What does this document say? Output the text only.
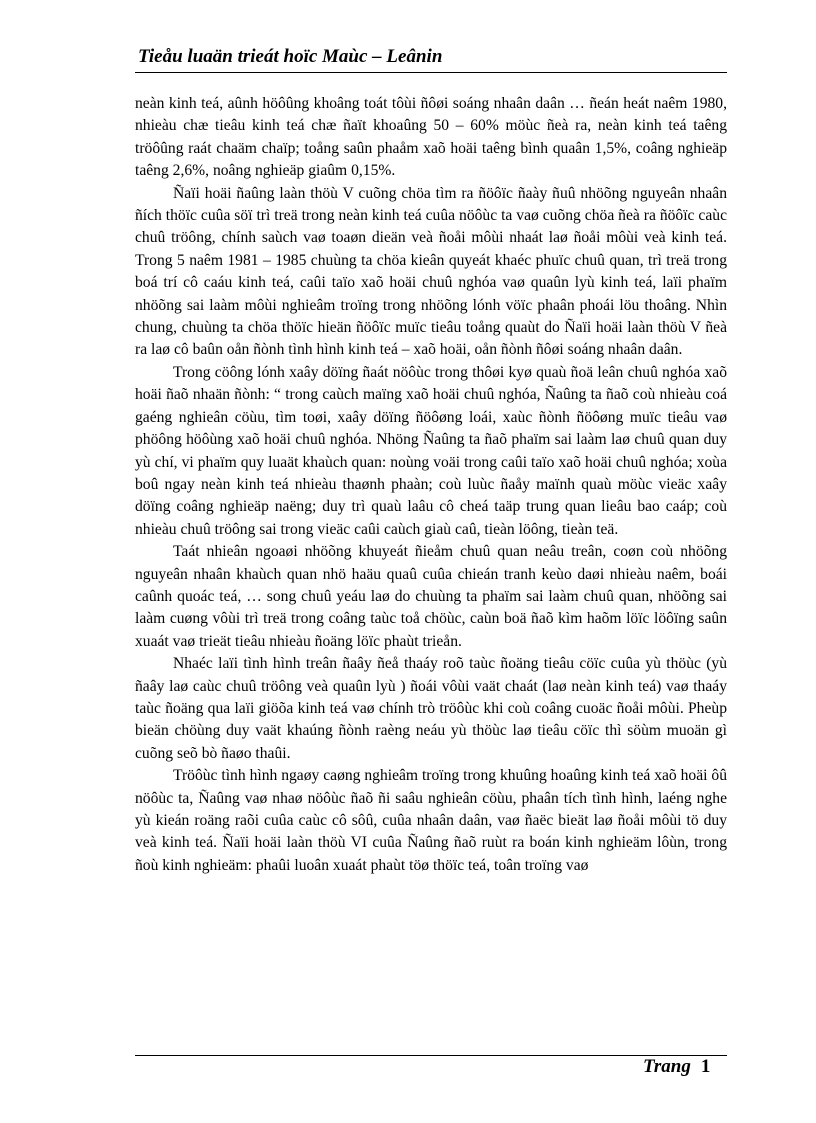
Tieåu luaän trieát hoïc Maùc – Leânin

neàn kinh teá, aûnh höôûng khoâng toát tôùi ñôøi soáng nhaân daân … ñeán heát naêm 1980, nhieàu chæ tieâu kinh teá chæ ñaït khoaûng 50 – 60% möùc ñeà ra, neàn kinh teá taêng tröôûng raát chaäm chaïp; toång saûn phaåm xaõ hoäi taêng bình quaân 1,5%, coâng nghieäp taêng 2,6%, noâng nghieäp giaûm 0,15%.

Ñaïi hoäi ñaûng laàn thöù V cuõng chöa tìm ra ñöôïc ñaày ñuû nhöõng nguyeân nhaân ñích thöïc cuûa söï trì treä trong neàn kinh teá cuûa nöôùc ta vaø cuõng chöa ñeà ra ñöôïc caùc chuû tröông, chính saùch vaø toaøn dieän veà ñoåi môùi nhaát laø ñoåi môùi veà kinh teá. Trong 5 naêm 1981 – 1985 chuùng ta chöa kieân quyeát khaéc phuïc chuû quan, trì treä trong boá trí cô caáu kinh teá, caûi taïo xaõ hoäi chuû nghóa vaø quaûn lyù kinh teá, laïi phaïm nhöõng sai laàm môùi nghieâm troïng trong nhöõng lónh vöïc phaân phoái löu thoâng. Nhìn chung, chuùng ta chöa thöïc hieän ñöôïc muïc tieâu toång quaùt do Ñaïi hoäi laàn thöù V ñeà ra laø cô baûn oån ñònh tình hình kinh teá – xaõ hoäi, oån ñònh ñôøi soáng nhaân daân.

Trong cöông lónh xaây döïng ñaát nöôùc trong thôøi kyø quaù ñoä leân chuû nghóa xaõ hoäi ñaõ nhaän ñònh: “ trong caùch maïng xaõ hoäi chuû nghóa, Ñaûng ta ñaõ coù nhieàu coá gaéng nghieân cöùu, tìm toøi, xaây döïng ñöôøng loái, xaùc ñònh ñöôøng muïc tieâu vaø phöông höôùng xaõ hoäi chuû nghóa. Nhöng Ñaûng ta ñaõ phaïm sai laàm laø chuû quan duy yù chí, vi phaïm quy luaät khaùch quan: noùng voäi trong caûi taïo xaõ hoäi chuû nghóa; xoùa boû ngay neàn kinh teá nhieàu thaønh phaàn; coù luùc ñaåy maïnh quaù möùc vieäc xaây döïng coâng nghieäp naëng; duy trì quaù laâu cô cheá taäp trung quan lieâu bao caáp; coù nhieàu chuû tröông sai trong vieäc caûi caùch giaù caû, tieàn löông, tieàn teä.

Taát nhieân ngoaøi nhöõng khuyeát ñieåm chuû quan neâu treân, coøn coù nhöõng nguyeân nhaân khaùch quan nhö haäu quaû cuûa chieán tranh keùo daøi nhieàu naêm, boái caûnh quoác teá, … song chuû yeáu laø do chuùng ta phaïm sai laàm chuû quan, nhöõng sai laàm cuøng vôùi trì treä trong coâng taùc toå chöùc, caùn boä ñaõ kìm haõm löïc löôïng saûn xuaát vaø trieät tieâu nhieàu ñoäng löïc phaùt trieån.

Nhaéc laïi tình hình treân ñaây ñeå thaáy roõ taùc ñoäng tieâu cöïc cuûa yù thöùc (yù ñaây laø caùc chuû tröông veà quaûn lyù ) ñoái vôùi vaät chaát (laø neàn kinh teá) vaø thaáy taùc ñoäng qua laïi giöõa kinh teá vaø chính trò tröôùc khi coù coâng cuoäc ñoåi môùi. Pheùp bieän chöùng duy vaät khaúng ñònh raèng neáu yù thöùc laø tieâu cöïc thì söùm muoän gì cuõng seõ bò ñaøo thaûi.

Tröôùc tình hình ngaøy caøng nghieâm troïng trong khuûng hoaûng kinh teá xaõ hoäi ôû nöôùc ta, Ñaûng vaø nhaø nöôùc ñaõ ñi saâu nghieân cöùu, phaân tích tình hình, laéng nghe yù kieán roäng raõi cuûa caùc cô sôû, cuûa nhaân daân, vaø ñaëc bieät laø ñoåi môùi tö duy veà kinh teá. Ñaïi hoäi laàn thöù VI cuûa Ñaûng ñaõ ruùt ra boán kinh nghieäm lôùn, trong ñoù kinh nghieäm: phaûi luoân xuaát phaùt töø thöïc teá, toân troïng vaø

Trang 1
